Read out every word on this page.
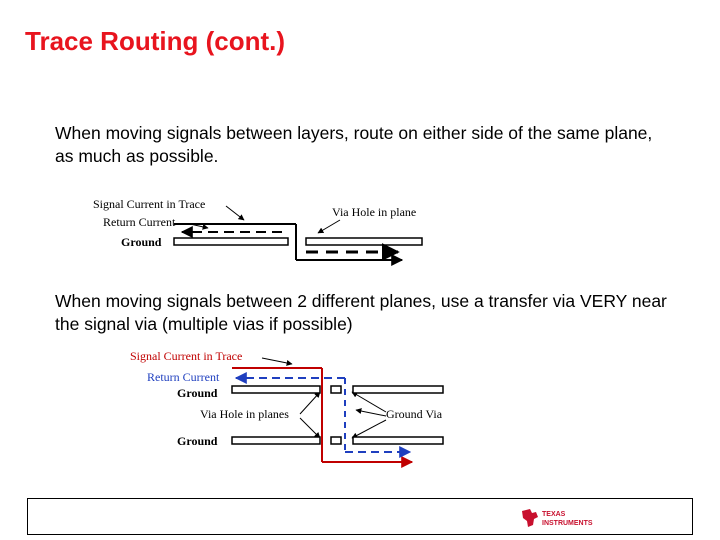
Trace Routing (cont.)

When moving signals between layers, route on either side of the same plane, as much as possible.

Signal Current in Trace
Return Current
Ground
Via Hole in plane

When moving signals between 2 different planes, use a transfer via VERY near the signal via (multiple vias if possible)

Signal Current in Trace
Return Current
Ground
Via Hole in planes	Ground Via
Ground
TEXAS
INSTRUMENTS
